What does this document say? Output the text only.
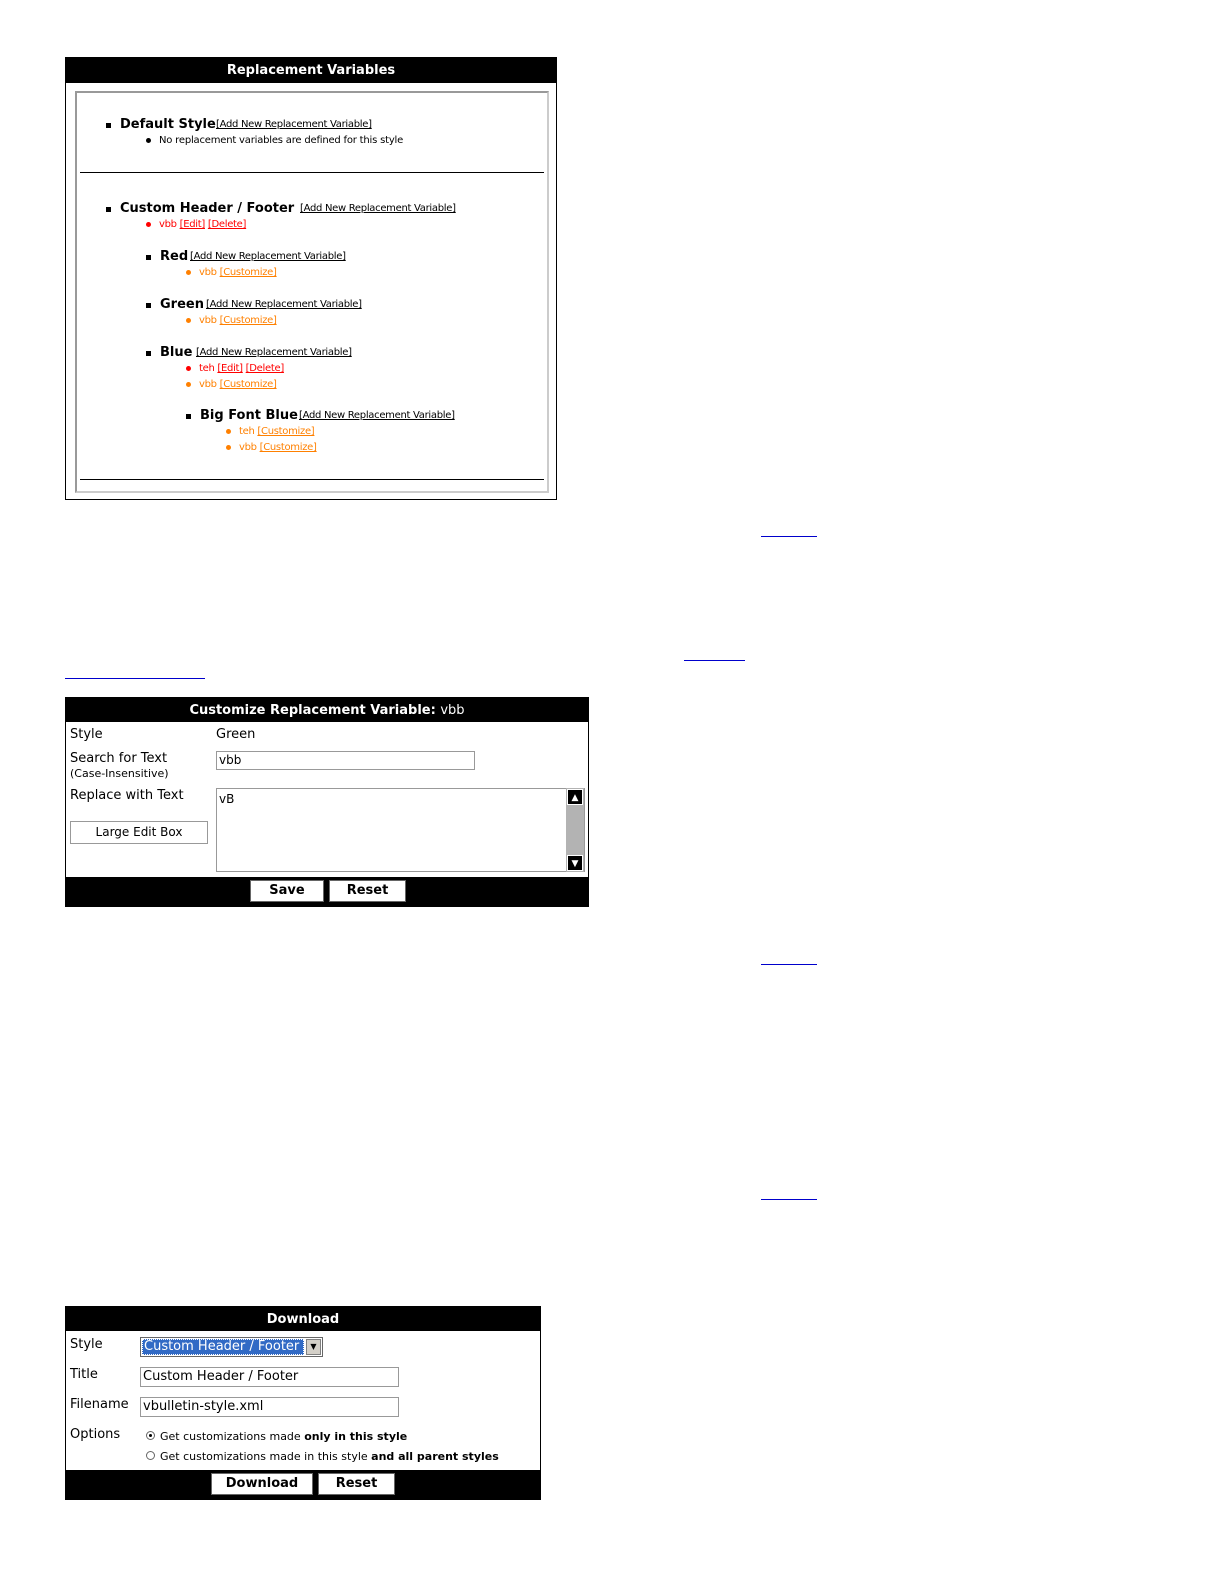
Replacement Variables
Default Style [Add New Replacement Variable]
No replacement variables are defined for this style
Custom Header / Footer [Add New Replacement Variable]
vbb [Edit] [Delete]
Red [Add New Replacement Variable]
vbb [Customize]
Green [Add New Replacement Variable]
vbb [Customize]
Blue [Add New Replacement Variable]
teh [Edit] [Delete]
vbb [Customize]
Big Font Blue [Add New Replacement Variable]
teh [Customize]
vbb [Customize]
Customize Replacement Variable: vbb
Style	Green
Search for Text
(Case-Insensitive)
vbb
Replace with Text
Large Edit Box
vB	▲
▼
Save	Reset
Download
Style	Custom Header / Footer	▼
Title	Custom Header / Footer
Filename vbulletin-style.xml
Options	Get customizations made only in this style
Get customizations made in this style and all parent styles
Download	Reset
